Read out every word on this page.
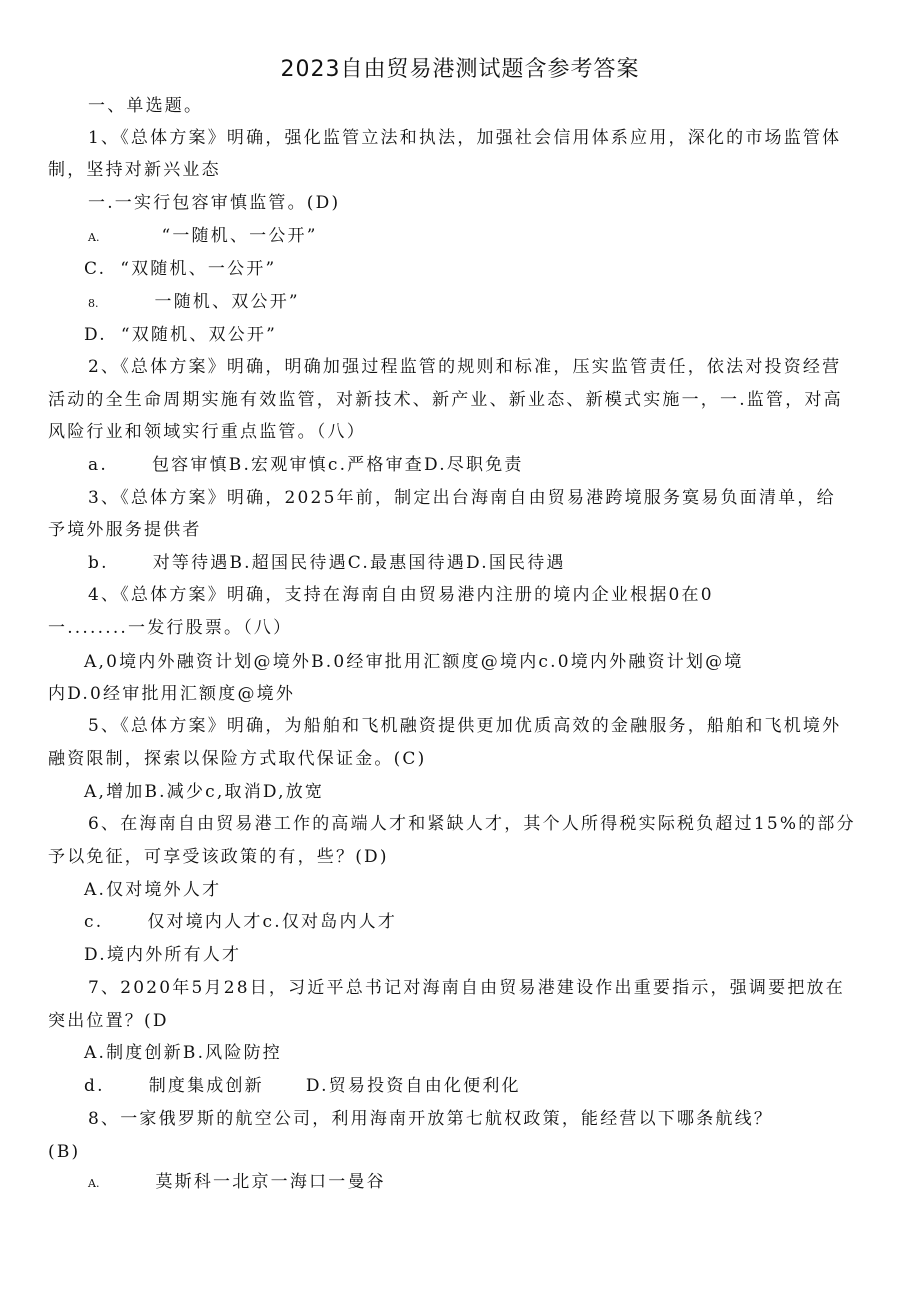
2023自由贸易港测试题含参考答案
一、单选题。
1、《总体方案》明确，强化监管立法和执法，加强社会信用体系应用，深化的市场监管体
制，坚持对新兴业态
一.一实行包容审慎监管。(D)
A.	“一随机、一公开”
C. “双随机、一公开”
8.	一随机、双公开”
D. “双随机、双公开”
2、《总体方案》明确，明确加强过程监管的规则和标准，压实监管责任，依法对投资经营
活动的全生命周期实施有效监管，对新技术、新产业、新业态、新模式实施一，一.监管，对高
风险行业和领域实行重点监管。（八）
a.	包容审慎B.宏观审慎c.严格审查D.尽职免责
3、《总体方案》明确，2025年前，制定出台海南自由贸易港跨境服务寞易负面清单，给
予境外服务提供者
b.	对等待遇B.超国民待遇C.最惠国待遇D.国民待遇
4、《总体方案》明确，支持在海南自由贸易港内注册的境内企业根据0在0
一........一发行股票。（八）
A,0境内外融资计划@境外B.0经审批用汇额度@境内c.0境内外融资计划@境
内D.0经审批用汇额度@境外
5、《总体方案》明确，为船舶和飞机融资提供更加优质高效的金融服务，船舶和飞机境外
融资限制，探索以保险方式取代保证金。(C)
A,增加B.减少c,取消D,放宽
6、在海南自由贸易港工作的高端人才和紧缺人才，其个人所得税实际税负超过15%的部分
予以免征，可享受该政策的有，些？(D)
A.仅对境外人才
c.	仅对境内人才c.仅对岛内人才
D.境内外所有人才
7、2020年5月28日，习近平总书记对海南自由贸易港建设作出重要指示，强调要把放在
突出位置？(D
A.制度创新B.风险防控
d.	制度集成创新 D.贸易投资自由化便利化
8、一家俄罗斯的航空公司，利用海南开放第七航权政策，能经营以下哪条航线？
(B)
A.	莫斯科一北京一海口一曼谷
